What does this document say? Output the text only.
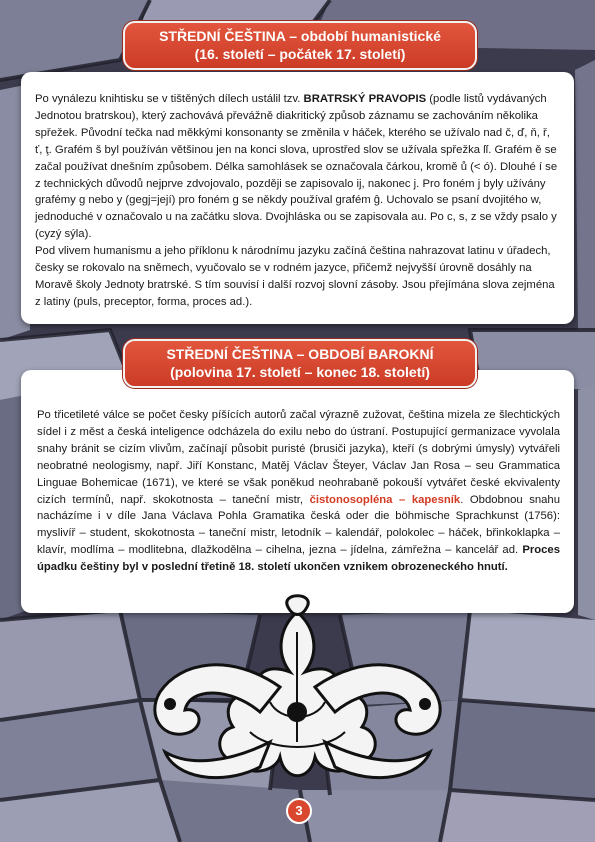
STŘEDNÍ ČEŠTINA – období humanistické
(16. století – počátek 17. století)

Po vynálezu knihtisku se v tištěných dílech ustálil tzv. BRATRSKÝ PRAVOPIS (podle listů vydávaných Jednotou bratrskou), který zachovává převážně diakritický způsob záznamu se zachováním několika spřežek. Původní tečka nad měkkými konsonanty se změnila v háček, kterého se užívalo nad č, ď, ň, ř, ť, ţ. Grafém š byl používán většinou jen na konci slova, uprostřed slov se užívala spřežka ſſ. Grafém ě se začal používat dnešním způsobem. Délka samohlásek se označovala čárkou, kromě ů (< ó). Dlouhé í se z technických důvodů nejprve zdvojovalo, později se zapisovalo ij, nakonec j. Pro foném j byly užívány grafémy g nebo y (gegj=její) pro foném g se někdy používal grafém ĝ. Uchovalo se psaní dvojitého w, jednoduché v označovalo u na začátku slova. Dvojhláska ou se zapisovala au. Po c, s, z se vždy psalo y (cyzý sýla).

Pod vlivem humanismu a jeho příklonu k národnímu jazyku začíná čeština nahrazovat latinu v úřadech, česky se rokovalo na sněmech, vyučovalo se v rodném jazyce, přičemž nejvyšší úrovně dosáhly na Moravě školy Jednoty bratrské. S tím souvisí i další rozvoj slovní zásoby. Jsou přejímána slova zejména z latiny (puls, preceptor, forma, proces ad.).

STŘEDNÍ ČEŠTINA – OBDOBÍ BAROKNÍ
(polovina 17. století – konec 18. století)

Po třicetileté válce se počet česky píšících autorů začal výrazně zužovat, čeština mizela ze šlechtických sídel i z měst a česká inteligence odcházela do exilu nebo do ústraní. Postupující germanizace vyvolala snahy bránit se cizím vlivům, začínají působit puristé (brusiči jazyka), kteří (s dobrými úmysly) vytvářeli neobratné neologismy, např. Jiří Konstanc, Matěj Václav Šteyer, Václav Jan Rosa – seu Grammatica Linguae Bohemicae (1671), ve které se však poněkud neohrabaně pokouší vytvářet české ekvivalenty cizích termínů, např. skokotnosta – taneční mistr, čistonosopléna – kapesník. Obdobnou snahu nacházíme i v díle Jana Václava Pohla Gramatika česká oder die böhmische Sprachkunst (1756): myslivíř – student, skokotnosta – taneční mistr, letodník – kalendář, polokolec – háček, břinkoklapka – klavír, modlíma – modlitebna, dlažkodělna – cihelna, jezna – jídelna, zámřežna – kancelář ad. Proces úpadku češtiny byl v poslední třetině 18. století ukončen vznikem obrozeneckého hnutí.

3
